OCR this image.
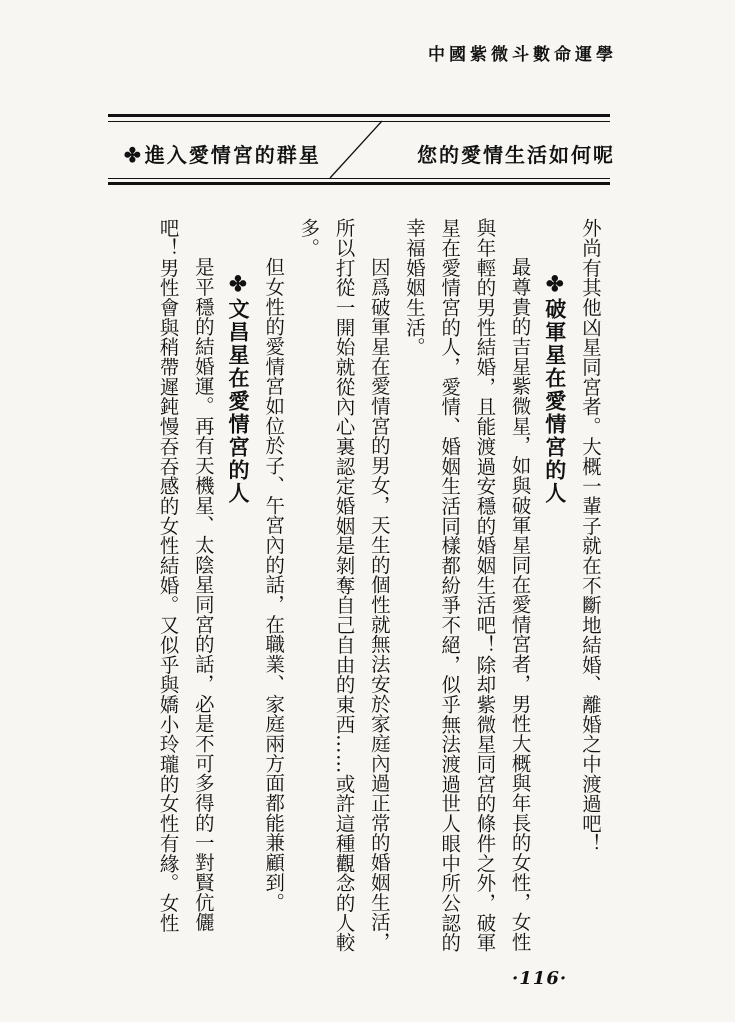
中國紫微斗數命運學
✤ 進入愛情宮的群星	您的愛情生活如何呢

外尚有其他凶星同宮者。大概一輩子就在不斷地結婚、離婚之中渡過吧！

✤破軍星在愛情宮的人

最尊貴的吉星紫微星，如與破軍星同在愛情宮者，男性大概與年長的女性，女性與年輕的男性結婚，且能渡過安穩的婚姻生活吧！除却紫微星同宮的條件之外，破軍星在愛情宮的人，愛情、婚姻生活同樣都紛爭不絕，似乎無法渡過世人眼中所公認的幸福婚姻生活。

因爲破軍星在愛情宮的男女，天生的個性就無法安於家庭內過正常的婚姻生活，所以打從一開始就從內心裏認定婚姻是剝奪自己自由的東西……或許這種觀念的人較多。

但女性的愛情宮如位於子、午宮內的話，在職業、家庭兩方面都能兼顧到。

✤文昌星在愛情宮的人

是平穩的結婚運。再有天機星、太陰星同宮的話，必是不可多得的一對賢伉儷吧！男性會與稍帶遲鈍慢吞吞感的女性結婚。又似乎與嬌小玲瓏的女性有緣。女性

·116·
